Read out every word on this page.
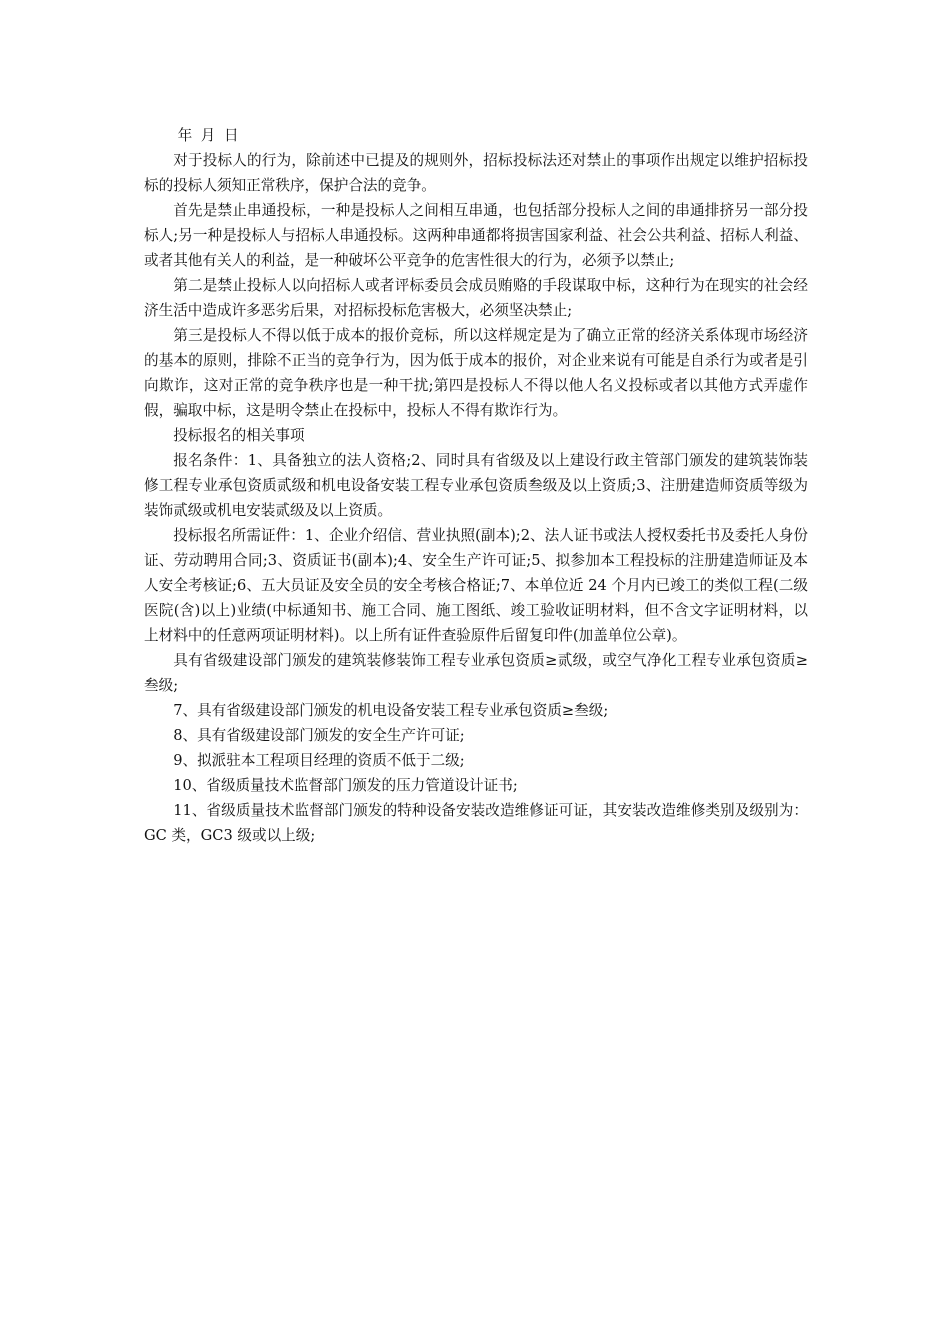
年 月 日

对于投标人的行为，除前述中已提及的规则外，招标投标法还对禁止的事项作出规定以维护招标投标的投标人须知正常秩序，保护合法的竞争。

首先是禁止串通投标，一种是投标人之间相互串通，也包括部分投标人之间的串通排挤另一部分投标人;另一种是投标人与招标人串通投标。这两种串通都将损害国家利益、社会公共利益、招标人利益、或者其他有关人的利益，是一种破坏公平竞争的危害性很大的行为，必须予以禁止;

第二是禁止投标人以向招标人或者评标委员会成员贿赂的手段谋取中标，这种行为在现实的社会经济生活中造成许多恶劣后果，对招标投标危害极大，必须坚决禁止;

第三是投标人不得以低于成本的报价竞标，所以这样规定是为了确立正常的经济关系体现市场经济的基本的原则，排除不正当的竞争行为，因为低于成本的报价，对企业来说有可能是自杀行为或者是引向欺诈，这对正常的竞争秩序也是一种干扰;第四是投标人不得以他人名义投标或者以其他方式弄虚作假，骗取中标，这是明令禁止在投标中，投标人不得有欺诈行为。

投标报名的相关事项

报名条件：1、具备独立的法人资格;2、同时具有省级及以上建设行政主管部门颁发的建筑装饰装修工程专业承包资质贰级和机电设备安装工程专业承包资质叁级及以上资质;3、注册建造师资质等级为装饰贰级或机电安装贰级及以上资质。

投标报名所需证件：1、企业介绍信、营业执照(副本);2、法人证书或法人授权委托书及委托人身份证、劳动聘用合同;3、资质证书(副本);4、安全生产许可证;5、拟参加本工程投标的注册建造师证及本人安全考核证;6、五大员证及安全员的安全考核合格证;7、本单位近 24 个月内已竣工的类似工程(二级医院(含)以上)业绩(中标通知书、施工合同、施工图纸、竣工验收证明材料，但不含文字证明材料，以上材料中的任意两项证明材料)。以上所有证件查验原件后留复印件(加盖单位公章)。

具有省级建设部门颁发的建筑装修装饰工程专业承包资质≥贰级，或空气净化工程专业承包资质≥叁级;

7、具有省级建设部门颁发的机电设备安装工程专业承包资质≥叁级;

8、具有省级建设部门颁发的安全生产许可证;

9、拟派驻本工程项目经理的资质不低于二级;

10、省级质量技术监督部门颁发的压力管道设计证书;

11、省级质量技术监督部门颁发的特种设备安装改造维修证可证，其安装改造维修类别及级别为：GC 类，GC3 级或以上级;
